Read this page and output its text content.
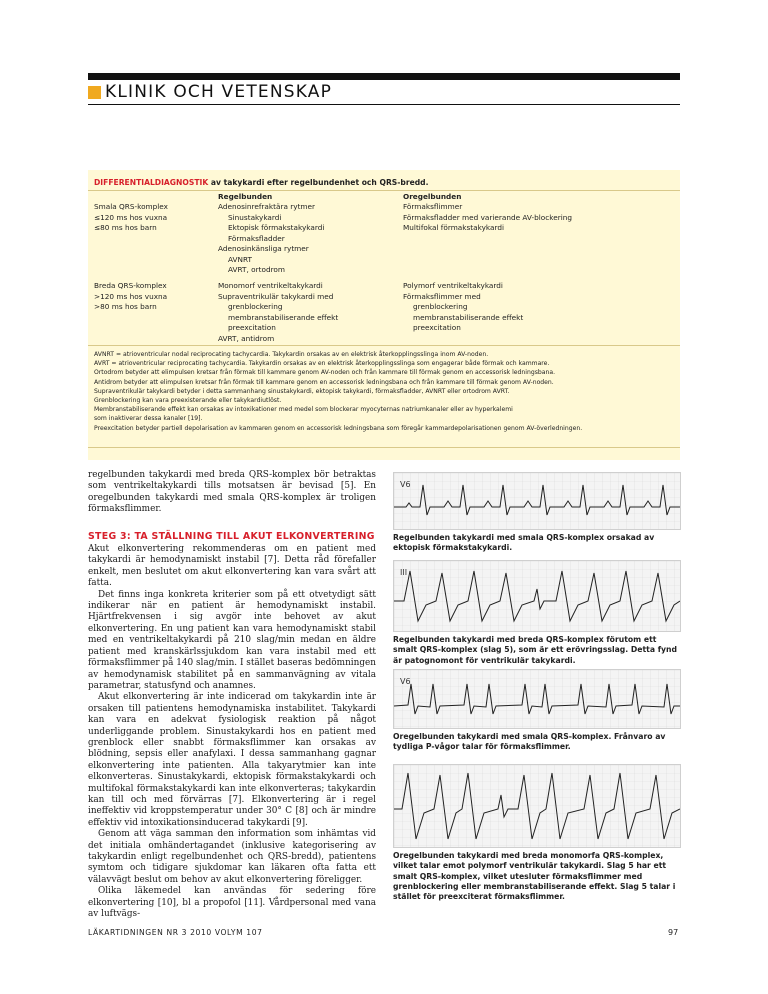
KLINIK OCH VETENSKAP
DIFFERENTIALDIAGNOSTIK av takykardi efter regelbundenhet och QRS-bredd.
Regelbunden	Oregelbunden
Smala QRS-komplex
≤120 ms hos vuxna
≤80 ms hos barn
Adenosinrefraktära rytmer
Sinustakykardi
Ektopisk förmakstakykardi
Förmaksfladder
Adenosinkänsliga rytmer
AVNRT
AVRT, ortodrom
Förmaksflimmer
Förmaksfladder med varierande AV-blockering
Multifokal förmakstakykardi
Breda QRS-komplex
>120 ms hos vuxna
>80 ms hos barn
Monomorf ventrikeltakykardi
Supraventrikulär takykardi med
grenblockering
membranstabiliserande effekt
preexcitation
AVRT, antidrom
Polymorf ventrikeltakykardi
Förmaksflimmer med
grenblockering
membranstabiliserande effekt
preexcitation
AVNRT = atrioventricular nodal reciprocating tachycardia. Takykardin orsakas av en elektrisk återkopplingsslinga inom AV-noden.
AVRT = atrioventricular reciprocating tachycardia. Takykardin orsakas av en elektrisk återkopplingsslinga som engagerar både förmak och kammare.
Ortodrom betyder att elimpulsen kretsar från förmak till kammare genom AV-noden och från kammare till förmak genom en accessorisk ledningsbana.
Antidrom betyder att elimpulsen kretsar från förmak till kammare genom en accessorisk ledningsbana och från kammare till förmak genom AV-noden.
Supraventrikulär takykardi betyder i detta sammanhang sinustakykardi, ektopisk takykardi, förmaksfladder, AVNRT eller ortodrom AVRT.
Grenblockering kan vara preexisterande eller takykardiutlöst.
Membranstabiliserande effekt kan orsakas av intoxikationer med medel som blockerar myocyternas natriumkanaler eller av hyperkalemi
som inaktiverar dessa kanaler [19].
Preexcitation betyder partiell depolarisation av kammaren genom en accessorisk ledningsbana som föregår kammardepolarisationen genom AV-överledningen.

regelbunden takykardi med breda QRS-komplex bör betraktas som ventrikeltakykardi tills motsatsen är bevisad [5]. En oregelbunden takykardi med smala QRS-komplex är troligen förmaksflimmer.

STEG 3: TA STÄLLNING TILL AKUT ELKONVERTERING

Akut elkonvertering rekommenderas om en patient med takykardi är hemodynamiskt instabil [7]. Detta råd förefaller enkelt, men beslutet om akut elkonvertering kan vara svårt att fatta.

Det finns inga konkreta kriterier som på ett otvetydigt sätt indikerar när en patient är hemodynamiskt instabil. Hjärtfrekvensen i sig avgör inte behovet av akut elkonvertering. En ung patient kan vara hemodynamiskt stabil med en ventrikeltakykardi på 210 slag/min medan en äldre patient med kranskärlssjukdom kan vara instabil med ett förmaksflimmer på 140 slag/min. I stället baseras bedömningen av hemodynamisk stabilitet på en sammanvägning av vitala parametrar, statusfynd och anamnes.

Akut elkonvertering är inte indicerad om takykardin inte är orsaken till patientens hemodynamiska instabilitet. Takykardi kan vara en adekvat fysiologisk reaktion på något underliggande problem. Sinustakykardi hos en patient med grenblock eller snabbt förmaksflimmer kan orsakas av blödning, sepsis eller anafylaxi. I dessa sammanhang gagnar elkonvertering inte patienten. Alla takyarytmier kan inte elkonverteras. Sinustakykardi, ektopisk förmakstakykardi och multifokal förmakstakykardi kan inte elkonverteras; takykardin kan till och med förvärras [7]. Elkonvertering är i regel ineffektiv vid kroppstemperatur under 30° C [8] och är mindre effektiv vid intoxikationsinducerad takykardi [9].

Genom att väga samman den information som inhämtas vid det initiala omhändertagandet (inklusive kategorisering av takykardin enligt regelbundenhet och QRS-bredd), patientens symtom och tidigare sjukdomar kan läkaren ofta fatta ett välavvägt beslut om behov av akut elkonvertering föreligger.

Olika läkemedel kan användas för sedering före elkonvertering [10], bl a propofol [11]. Vårdpersonal med vana av luftvägs-

V6
Regelbunden takykardi med smala QRS-komplex orsakad av ektopisk förmakstakykardi.
III
Regelbunden takykardi med breda QRS-komplex förutom ett smalt QRS-komplex (slag 5), som är ett erövringsslag. Detta fynd är patognomont för ventrikulär takykardi.
V6
Oregelbunden takykardi med smala QRS-komplex. Frånvaro av tydliga P-vågor talar för förmaksflimmer.
Oregelbunden takykardi med breda monomorfa QRS-komplex, vilket talar emot polymorf ventrikulär takykardi. Slag 5 har ett smalt QRS-komplex, vilket utesluter förmaksflimmer med grenblockering eller membranstabiliserande effekt. Slag 5 talar i stället för preexciterat förmaksflimmer.
LÄKARTIDNINGEN NR 3 2010 VOLYM 107	97
